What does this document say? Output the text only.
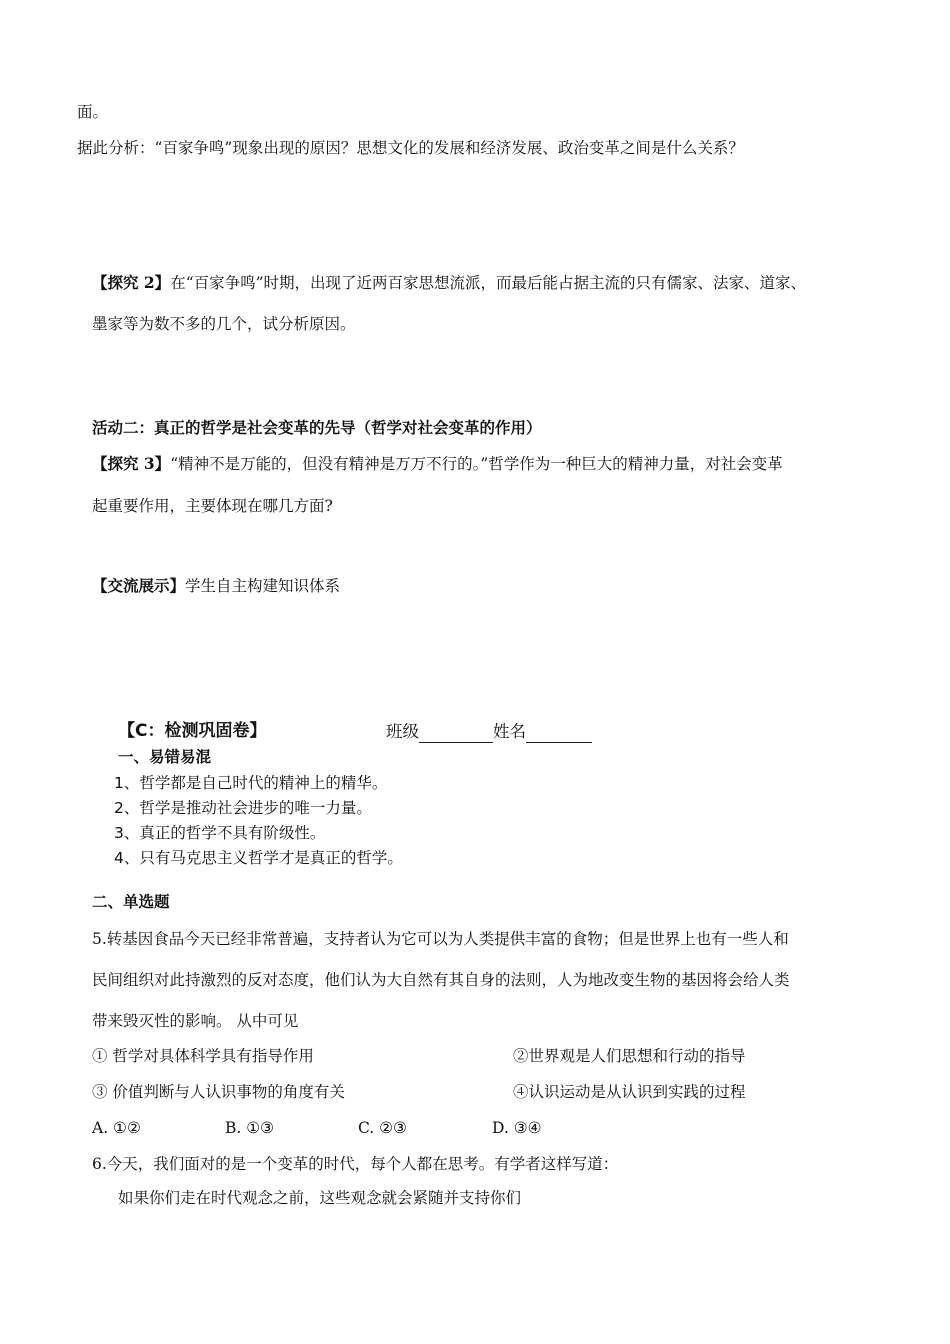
面。
据此分析：“百家争鸣”现象出现的原因？思想文化的发展和经济发展、政治变革之间是什么关系？
【探究 2】在“百家争鸣”时期，出现了近两百家思想流派，而最后能占据主流的只有儒家、法家、道家、
墨家等为数不多的几个，试分析原因。
活动二：真正的哲学是社会变革的先导（哲学对社会变革的作用）
【探究 3】“精神不是万能的，但没有精神是万万不行的。”哲学作为一种巨大的精神力量，对社会变革
起重要作用，主要体现在哪几方面?
【交流展示】学生自主构建知识体系
【C：检测巩固卷】	班级	姓名
一、易错易混
1、哲学都是自己时代的精神上的精华。
2、哲学是推动社会进步的唯一力量。
3、真正的哲学不具有阶级性。
4、只有马克思主义哲学才是真正的哲学。
二、单选题
5.转基因食品今天已经非常普遍，支持者认为它可以为人类提供丰富的食物；但是世界上也有一些人和
民间组织对此持激烈的反对态度，他们认为大自然有其自身的法则，人为地改变生物的基因将会给人类
带来毁灭性的影响。 从中可见
① 哲学对具体科学具有指导作用	②世界观是人们思想和行动的指导
③ 价值判断与人认识事物的角度有关	④认识运动是从认识到实践的过程
A. ①②	B. ①③	C. ②③	D. ③④
6.今天，我们面对的是一个变革的时代，每个人都在思考。有学者这样写道：
如果你们走在时代观念之前，这些观念就会紧随并支持你们
